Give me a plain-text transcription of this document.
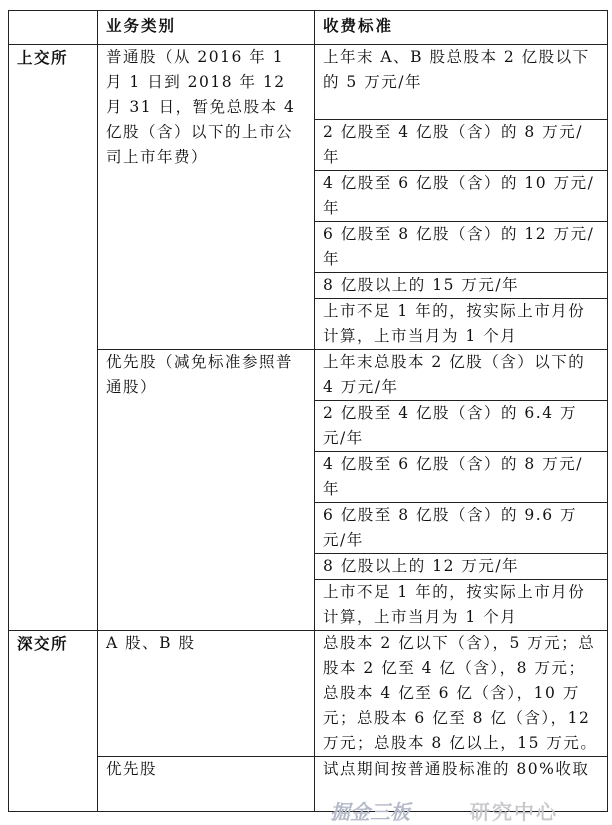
	业务类别	收费标准
上交所	普通股（从 2016 年 1 月 1 日到 2018 年 12 月 31 日，暂免总股本 4 亿股（含）以下的上市公司上市年费）	上年末 A、B 股总股本 2 亿股以下的 5 万元/年
		2 亿股至 4 亿股（含）的 8 万元/年
		4 亿股至 6 亿股（含）的 10 万元/年
		6 亿股至 8 亿股（含）的 12 万元/年
		8 亿股以上的 15 万元/年
		上市不足 1 年的，按实际上市月份计算，上市当月为 1 个月
	优先股（减免标准参照普通股）	上年末总股本 2 亿股（含）以下的 4 万元/年
		2 亿股至 4 亿股（含）的 6.4 万元/年
		4 亿股至 6 亿股（含）的 8 万元/年
		6 亿股至 8 亿股（含）的 9.6 万元/年
		8 亿股以上的 12 万元/年
		上市不足 1 年的，按实际上市月份计算，上市当月为 1 个月
深交所	A 股、B 股	总股本 2 亿以下（含），5 万元；总股本 2 亿至 4 亿（含），8 万元；总股本 4 亿至 6 亿（含），10 万元；总股本 6 亿至 8 亿（含），12 万元；总股本 8 亿以上，15 万元。
	优先股	试点期间按普通股标准的 80%收取
掘金三板	研究中心
